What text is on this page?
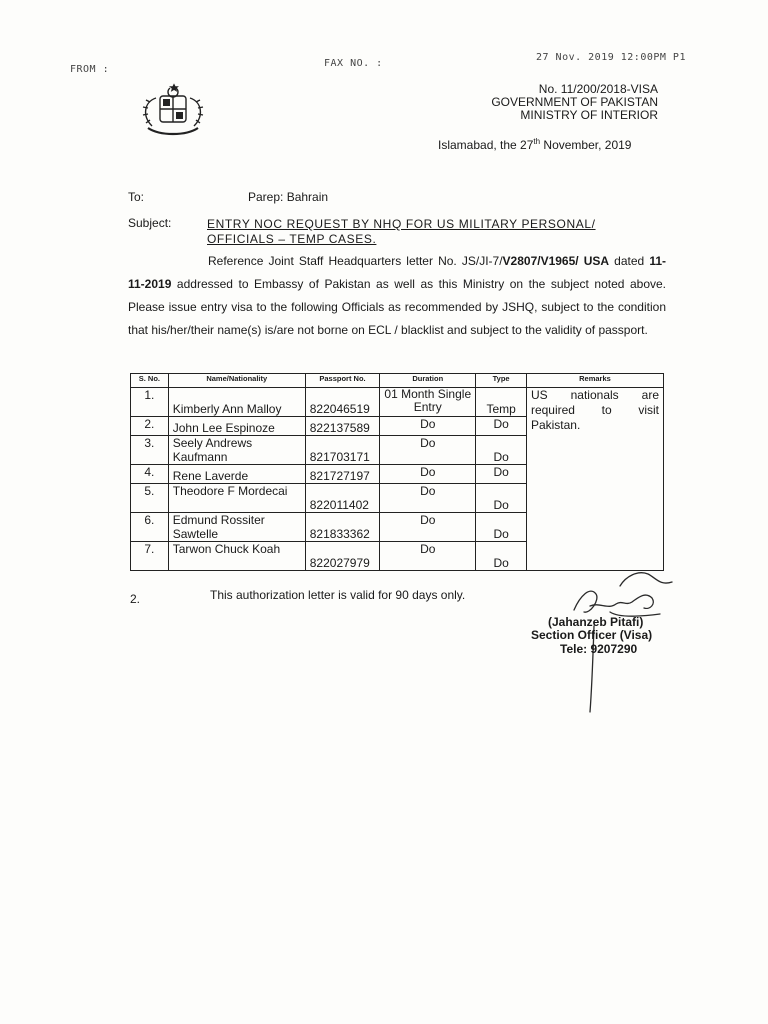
FROM :
FAX NO. :
27 Nov. 2019 12:00PM P1
No. 11/200/2018-VISA
GOVERNMENT OF PAKISTAN
MINISTRY OF INTERIOR
Islamabad, the 27th November, 2019
To:	Parep: Bahrain
Subject:	ENTRY NOC REQUEST BY NHQ FOR US MILITARY PERSONAL/
OFFICIALS – TEMP CASES.
Reference Joint Staff Headquarters letter No. JS/JI-7/V2807/V1965/ USA dated 11-11-2019 addressed to Embassy of Pakistan as well as this Ministry on the subject noted above. Please issue entry visa to the following Officials as recommended by JSHQ, subject to the condition that his/her/their name(s) is/are not borne on ECL / blacklist and subject to the validity of passport.
S. No.	Name/Nationality	Passport No.	Duration	Type	Remarks
1.	Kimberly Ann Malloy	822046519	01 Month Single Entry	Temp	US nationals are required to visit Pakistan.

2.	John Lee Espinoze	822137589	Do	Do	
3.	Seely Andrews Kaufmann	821703171	Do	Do	
4.	Rene Laverde	821727197	Do	Do	
5.	Theodore F Mordecai	822011402	Do	Do	
6.	Edmund Rossiter Sawtelle	821833362	Do	Do	
7.	Tarwon Chuck Koah	822027979	Do	Do	
2.	This authorization letter is valid for 90 days only.
(Jahanzeb Pitafi)
Section Officer (Visa)
Tele: 9207290
